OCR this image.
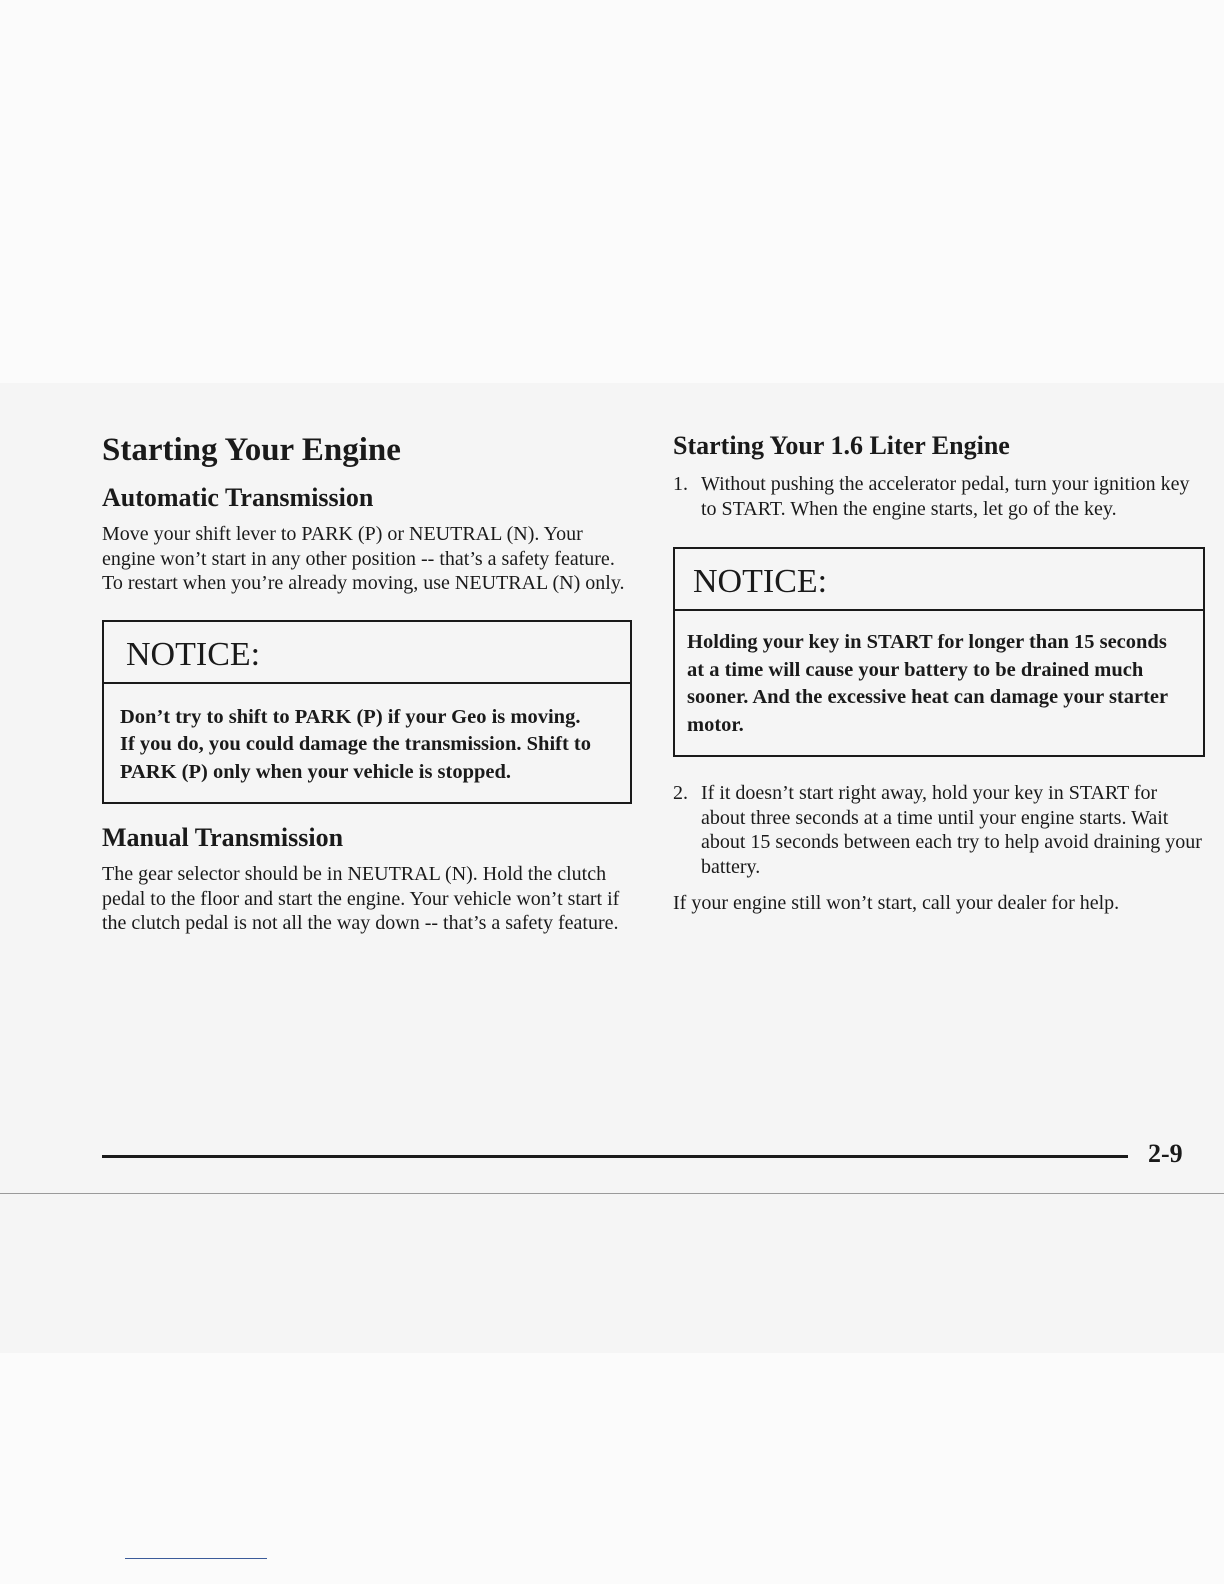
Starting Your Engine
Automatic Transmission

Move your shift lever to PARK (P) or NEUTRAL (N). Your engine won’t start in any other position -- that’s a safety feature. To restart when you’re already moving, use NEUTRAL (N) only.

NOTICE:
Don’t try to shift to PARK (P) if your Geo is moving. If you do, you could damage the transmission. Shift to PARK (P) only when your vehicle is stopped.
Manual Transmission

The gear selector should be in NEUTRAL (N). Hold the clutch pedal to the floor and start the engine. Your vehicle won’t start if the clutch pedal is not all the way down -- that’s a safety feature.

Starting Your 1.6 Liter Engine
1. Without pushing the accelerator pedal, turn your ignition key to START. When the engine starts, let go of the key.
NOTICE:
Holding your key in START for longer than 15 seconds at a time will cause your battery to be drained much sooner. And the excessive heat can damage your starter motor.
2. If it doesn’t start right away, hold your key in START for about three seconds at a time until your engine starts. Wait about 15 seconds between each try to help avoid draining your battery.

If your engine still won’t start, call your dealer for help.

2-9
